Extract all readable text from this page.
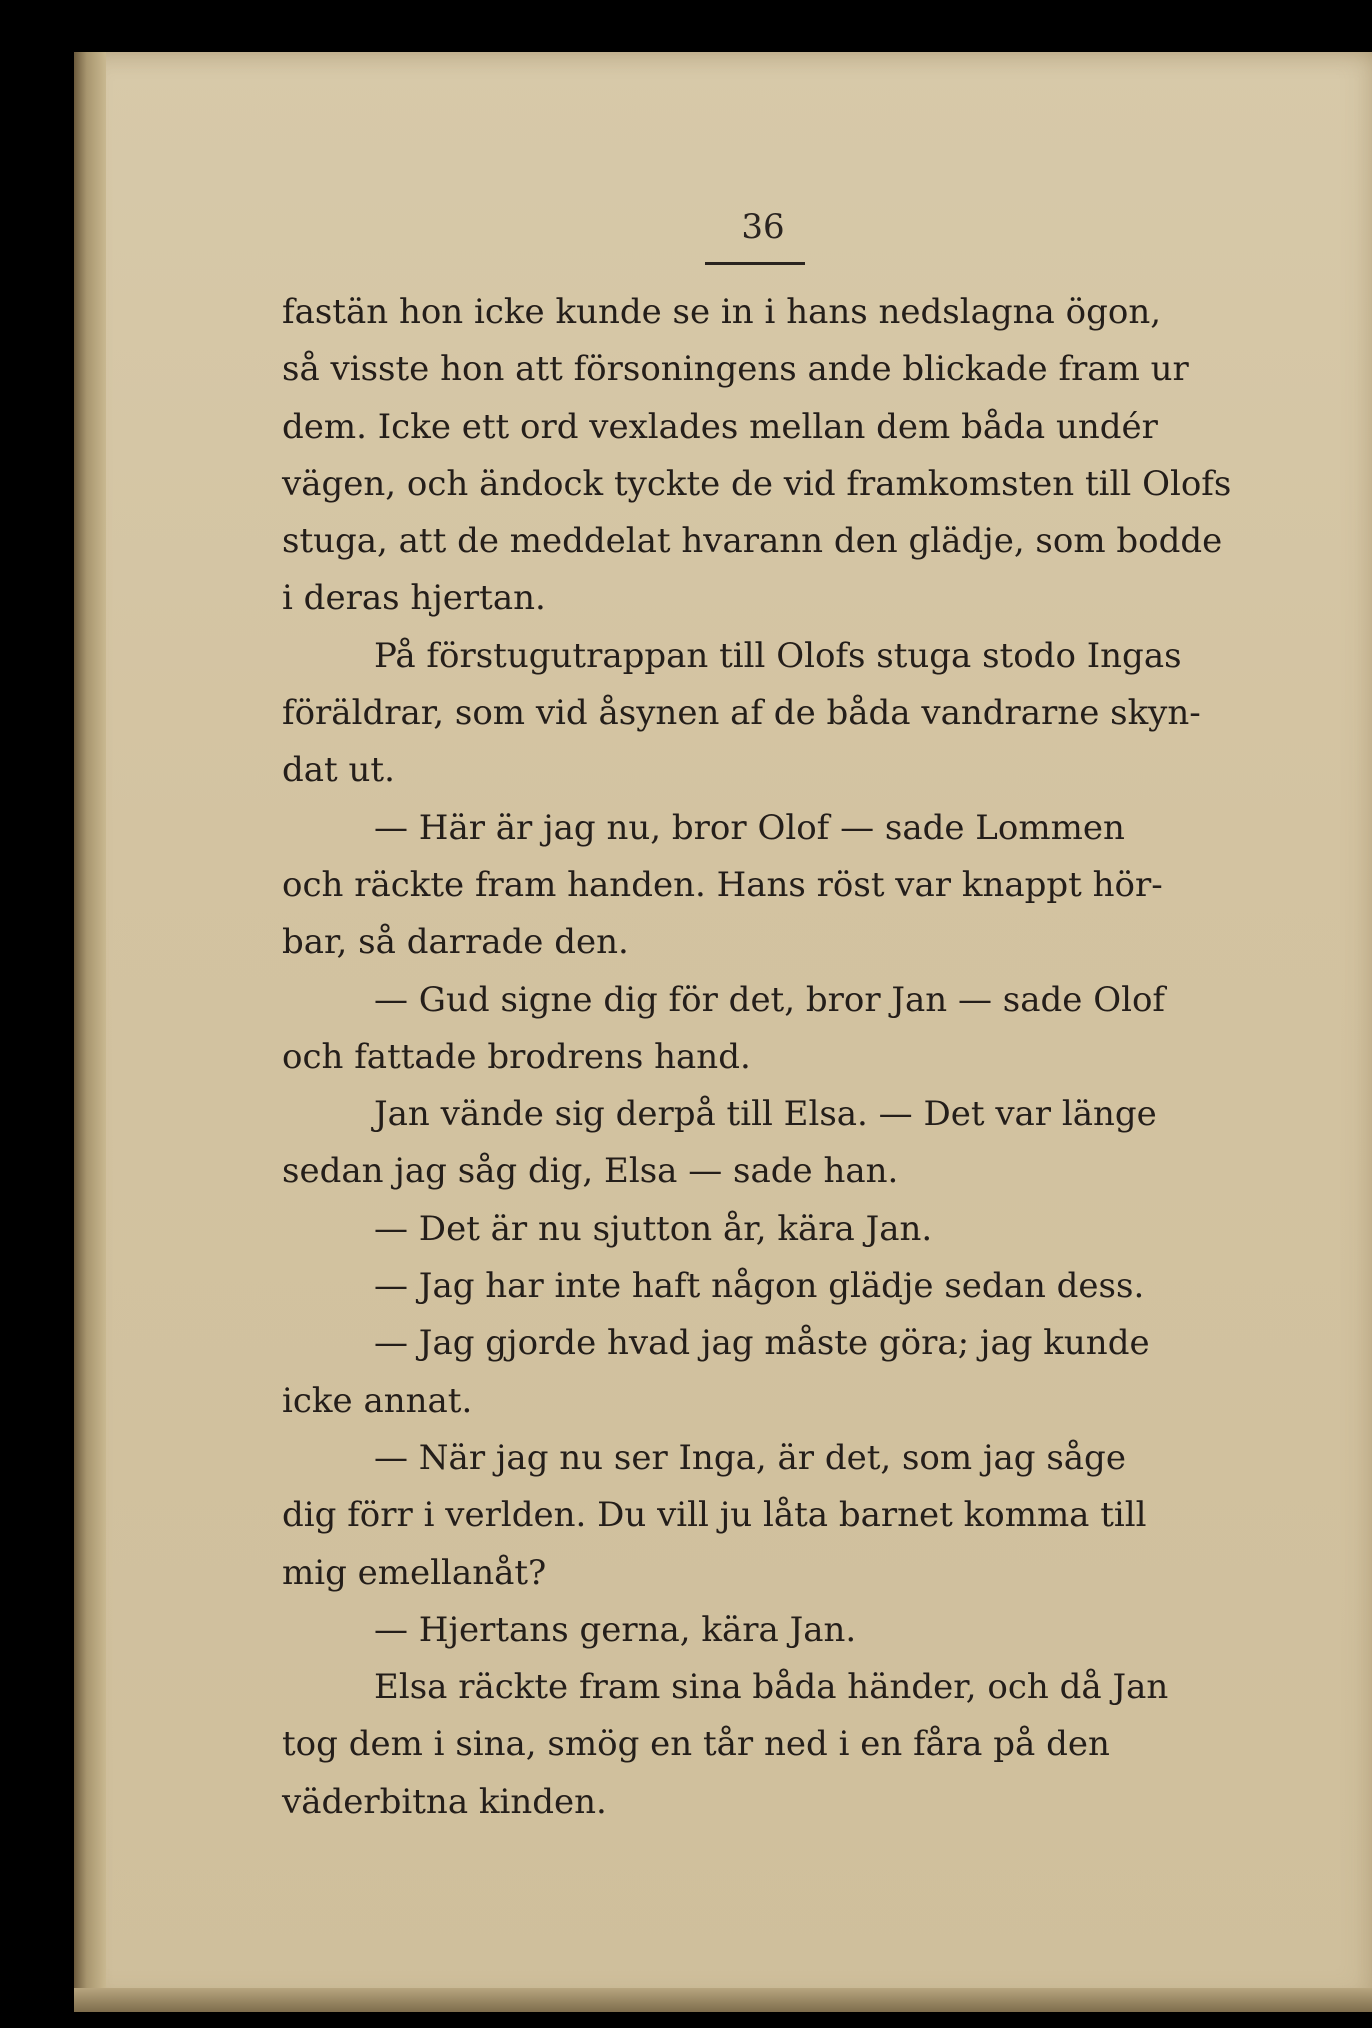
36

fastän hon icke kunde se in i hans nedslagna ögon,
så visste hon att försoningens ande blickade fram ur
dem. Icke ett ord vexlades mellan dem båda undér
vägen, och ändock tyckte de vid framkomsten till Olofs
stuga, att de meddelat hvarann den glädje, som bodde
i deras hjertan.
På förstugutrappan till Olofs stuga stodo Ingas
föräldrar, som vid åsynen af de båda vandrarne skyn-
dat ut.
— Här är jag nu, bror Olof — sade Lommen
och räckte fram handen. Hans röst var knappt hör-
bar, så darrade den.
— Gud signe dig för det, bror Jan — sade Olof
och fattade brodrens hand.
Jan vände sig derpå till Elsa. — Det var länge
sedan jag såg dig, Elsa — sade han.
— Det är nu sjutton år, kära Jan.
— Jag har inte haft någon glädje sedan dess.
— Jag gjorde hvad jag måste göra; jag kunde
icke annat.
— När jag nu ser Inga, är det, som jag såge
dig förr i verlden. Du vill ju låta barnet komma till
mig emellanåt?
— Hjertans gerna, kära Jan.
Elsa räckte fram sina båda händer, och då Jan
tog dem i sina, smög en tår ned i en fåra på den
väderbitna kinden.
